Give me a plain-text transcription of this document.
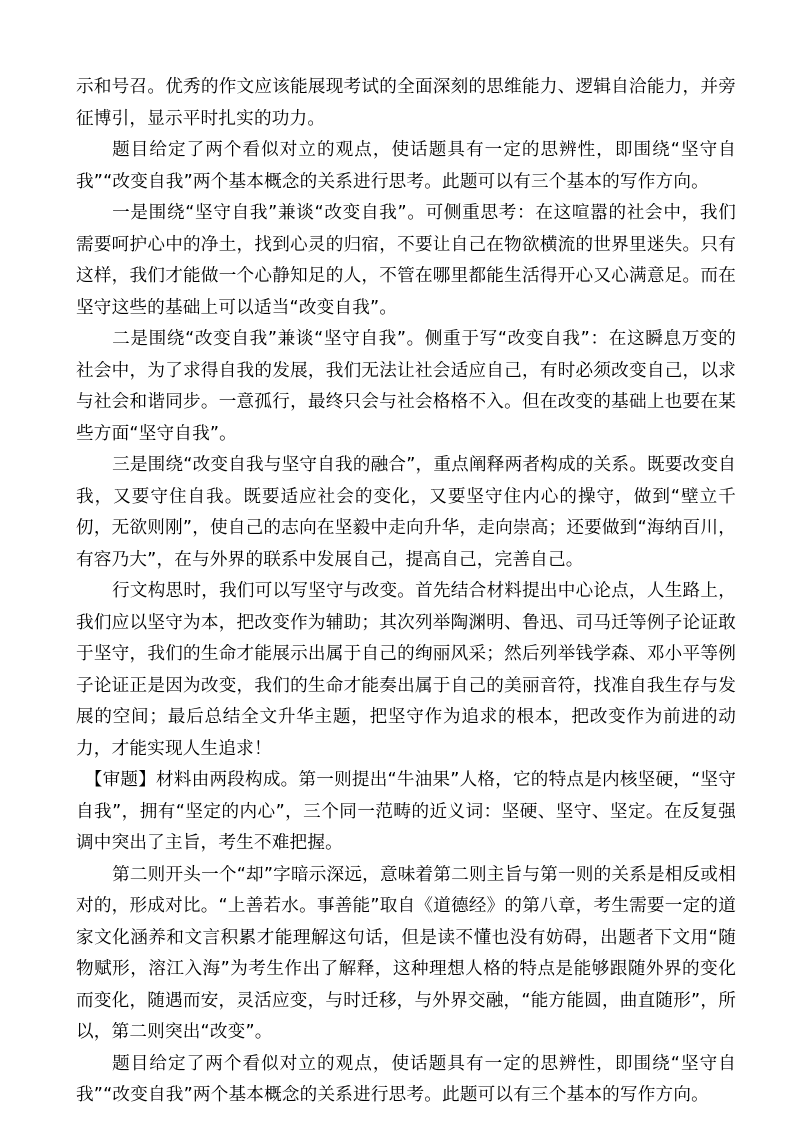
示和号召。优秀的作文应该能展现考试的全面深刻的思维能力、逻辑自洽能力，并旁征博引，显示平时扎实的功力。

题目给定了两个看似对立的观点，使话题具有一定的思辨性，即围绕“坚守自我”“改变自我”两个基本概念的关系进行思考。此题可以有三个基本的写作方向。

一是围绕“坚守自我”兼谈“改变自我”。可侧重思考：在这喧嚣的社会中，我们需要呵护心中的净土，找到心灵的归宿，不要让自己在物欲横流的世界里迷失。只有这样，我们才能做一个心静知足的人，不管在哪里都能生活得开心又心满意足。而在坚守这些的基础上可以适当“改变自我”。

二是围绕“改变自我”兼谈“坚守自我”。侧重于写“改变自我”：在这瞬息万变的社会中，为了求得自我的发展，我们无法让社会适应自己，有时必须改变自己，以求与社会和谐同步。一意孤行，最终只会与社会格格不入。但在改变的基础上也要在某些方面“坚守自我”。

三是围绕“改变自我与坚守自我的融合”，重点阐释两者构成的关系。既要改变自我，又要守住自我。既要适应社会的变化，又要坚守住内心的操守，做到“壁立千仞，无欲则刚”，使自己的志向在坚毅中走向升华，走向崇高；还要做到“海纳百川，有容乃大”，在与外界的联系中发展自己，提高自己，完善自己。

行文构思时，我们可以写坚守与改变。首先结合材料提出中心论点，人生路上，我们应以坚守为本，把改变作为辅助；其次列举陶渊明、鲁迅、司马迁等例子论证敢于坚守，我们的生命才能展示出属于自己的绚丽风采；然后列举钱学森、邓小平等例子论证正是因为改变，我们的生命才能奏出属于自己的美丽音符，找准自我生存与发展的空间；最后总结全文升华主题，把坚守作为追求的根本，把改变作为前进的动力，才能实现人生追求！

【审题】材料由两段构成。第一则提出“牛油果”人格，它的特点是内核坚硬，“坚守自我”，拥有“坚定的内心”，三个同一范畴的近义词：坚硬、坚守、坚定。在反复强调中突出了主旨，考生不难把握。

第二则开头一个“却”字暗示深远，意味着第二则主旨与第一则的关系是相反或相对的，形成对比。“上善若水。事善能”取自《道德经》的第八章，考生需要一定的道家文化涵养和文言积累才能理解这句话，但是读不懂也没有妨碍，出题者下文用“随物赋形，溶江入海”为考生作出了解释，这种理想人格的特点是能够跟随外界的变化而变化，随遇而安，灵活应变，与时迁移，与外界交融，“能方能圆，曲直随形”，所以，第二则突出“改变”。

题目给定了两个看似对立的观点，使话题具有一定的思辨性，即围绕“坚守自我”“改变自我”两个基本概念的关系进行思考。此题可以有三个基本的写作方向。
